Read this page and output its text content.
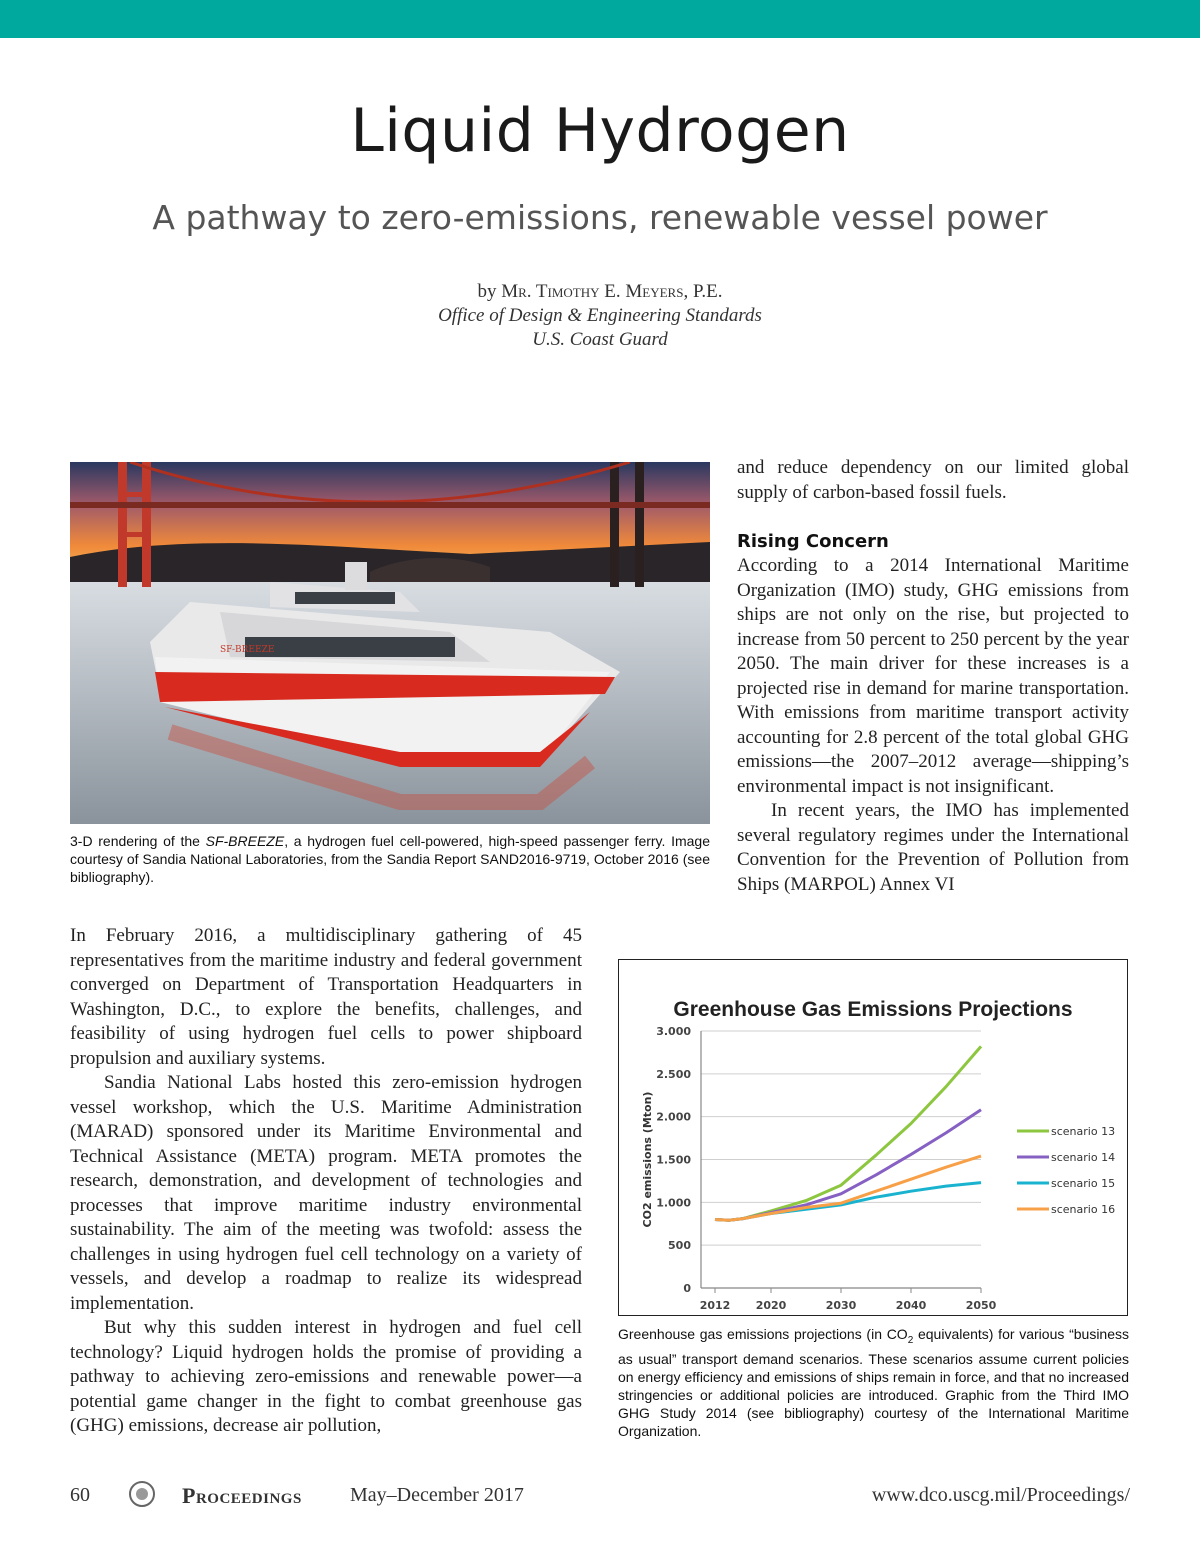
Liquid Hydrogen
A pathway to zero-emissions, renewable vessel power
by Mr. Timothy E. Meyers, P.E.
Office of Design & Engineering Standards
U.S. Coast Guard
SF-BREEZE
3-D rendering of the SF-BREEZE, a hydrogen fuel cell-powered, high-speed passenger ferry. Image courtesy of Sandia National Laboratories, from the Sandia Report SAND2016-9719, October 2016 (see bibliography).

In February 2016, a multidisciplinary gathering of 45 representatives from the maritime industry and federal government converged on Department of Transportation Headquarters in Washington, D.C., to explore the benefits, challenges, and feasibility of using hydrogen fuel cells to power shipboard propulsion and auxiliary systems.

Sandia National Labs hosted this zero-emission hydrogen vessel workshop, which the U.S. Maritime Administration (MARAD) sponsored under its Maritime Environmental and Technical Assistance (META) program. META promotes the research, demonstration, and development of technologies and processes that improve maritime industry environmental sustainability. The aim of the meeting was twofold: assess the challenges in using hydrogen fuel cell technology on a variety of vessels, and develop a roadmap to realize its widespread implementation.

But why this sudden interest in hydrogen and fuel cell technology? Liquid hydrogen holds the promise of providing a pathway to achieving zero-emissions and renewable power—a potential game changer in the fight to combat greenhouse gas (GHG) emissions, decrease air pollution,

and reduce dependency on our limited global supply of carbon-based fossil fuels.

Rising Concern

According to a 2014 International Maritime Organization (IMO) study, GHG emissions from ships are not only on the rise, but projected to increase from 50 percent to 250 percent by the year 2050. The main driver for these increases is a projected rise in demand for marine transportation. With emissions from maritime transport activity accounting for 2.8 percent of the total global GHG emissions—the 2007–2012 average—shipping’s environmental impact is not insignificant.

In recent years, the IMO has implemented several regulatory regimes under the International Convention for the Prevention of Pollution from Ships (MARPOL) Annex VI

Greenhouse Gas Emissions Projections
0
500
1.000
1.500
2.000
2.500
3.000
2012 2020	2030	2040	2050
CO2 emissions (Mton)	scenario 13
scenario 14
scenario 15
scenario 16
Greenhouse gas emissions projections (in $CO_2$ equivalents) for various “business as usual” transport demand scenarios. These scenarios assume current policies on energy efficiency and emissions of ships remain in force, and that no increased stringencies or additional policies are introduced. Graphic from the Third IMO GHG Study 2014 (see bibliography) courtesy of the International Maritime Organization.
60	Proceedings May–December 2017	www.dco.uscg.mil/Proceedings/
